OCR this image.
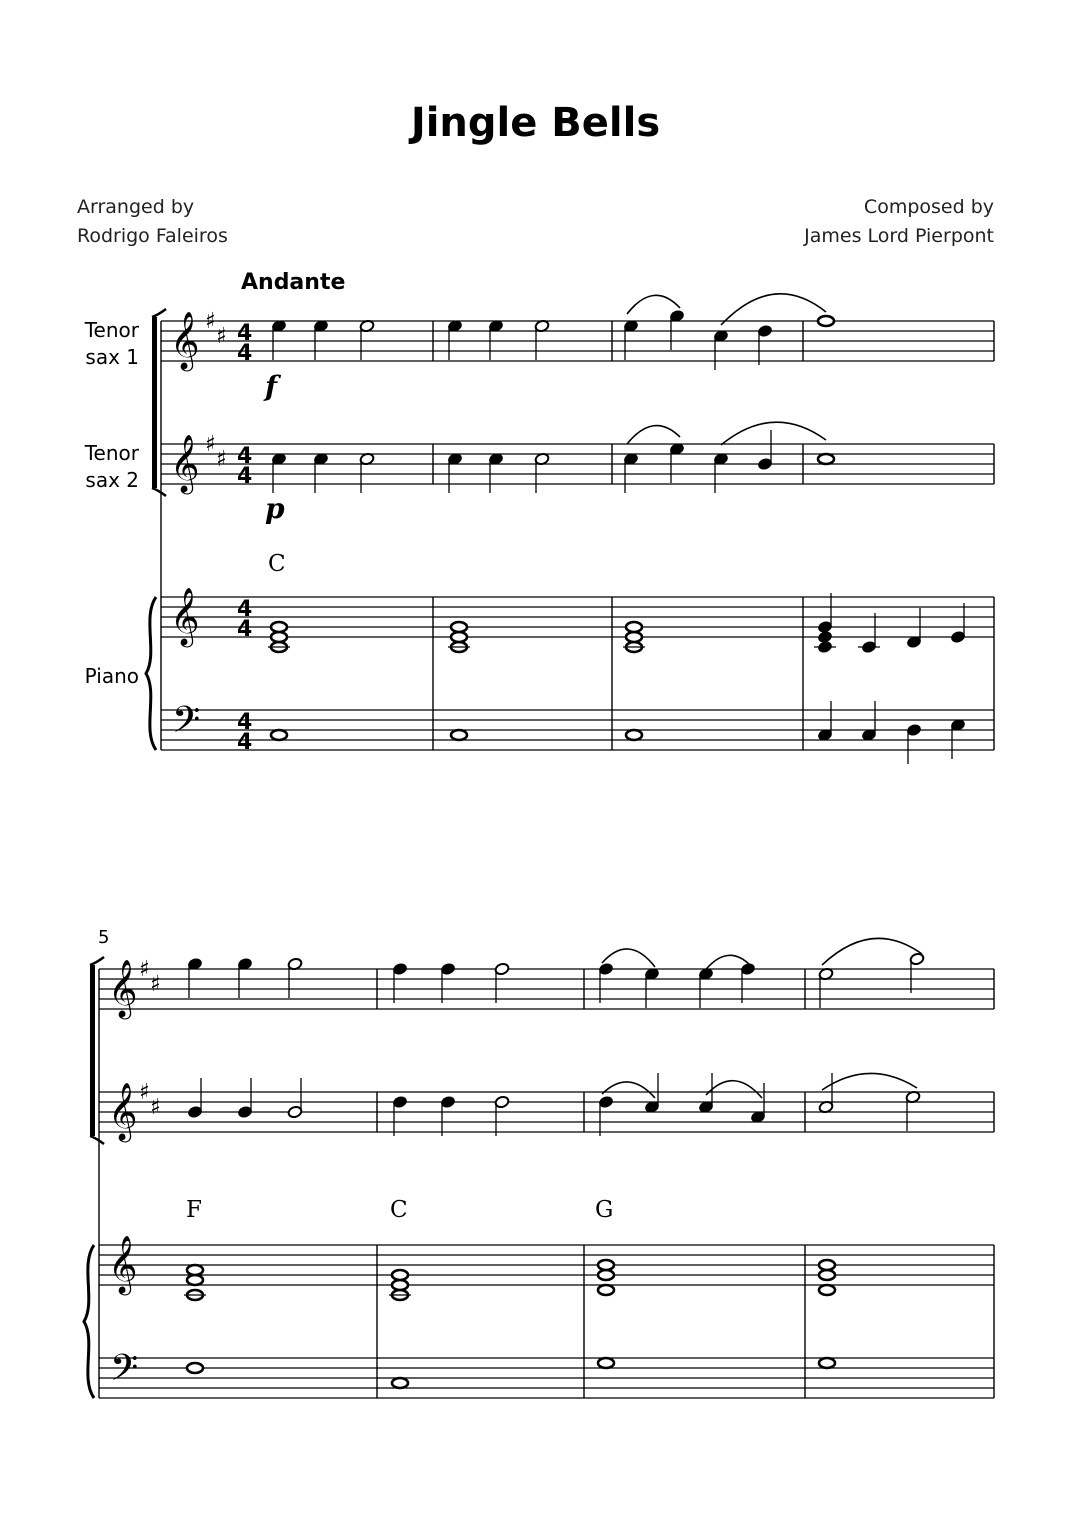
Jingle Bells
Arranged by
Rodrigo Faleiros
Composed by
James Lord Pierpont
Andante
Tenor
sax 1
Tenor
sax 2
Piano
f
p
5
C
F	C	G
𝄞 ♯
♯ 4
4
𝄞 ♯
♯ 4
4
𝄞 4
4
𝄢 4
4
𝄞 ♯
♯
𝄞 ♯
♯
𝄞
𝄢
